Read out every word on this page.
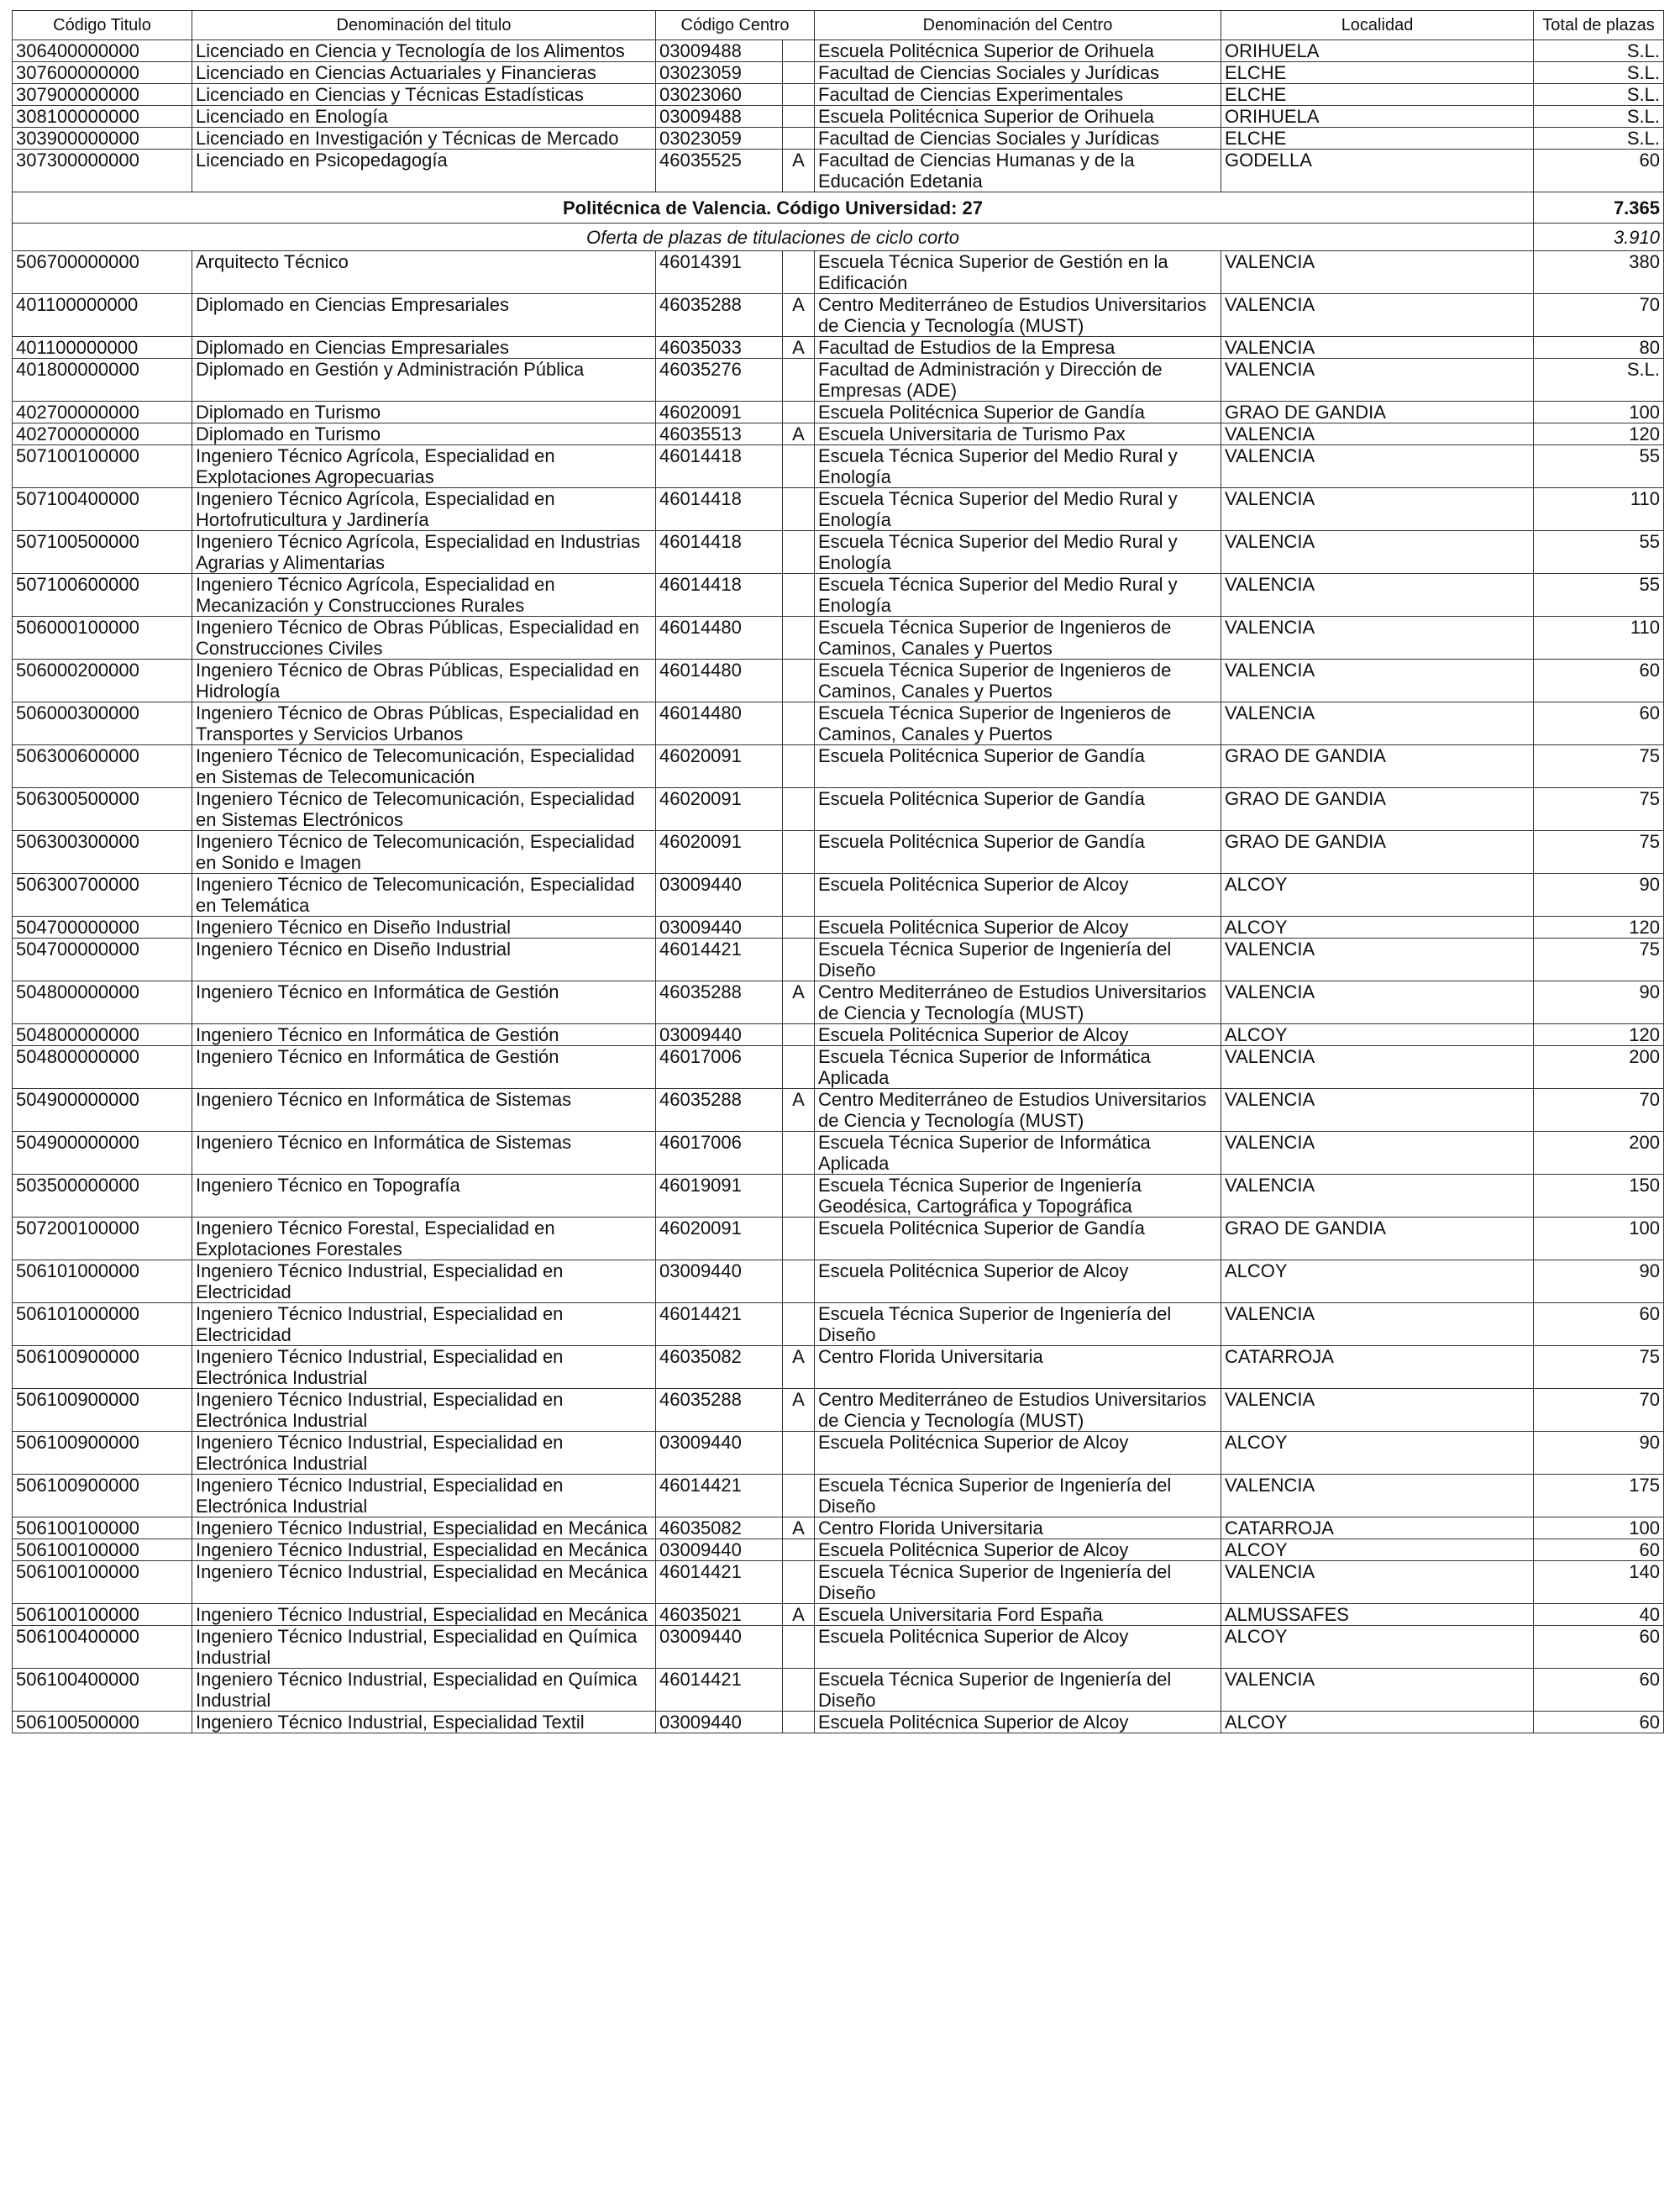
Código Titulo	Denominación del titulo	Código Centro		Denominación del Centro	Localidad	Total de plazas
306400000000	Licenciado en Ciencia y Tecnología de los Alimentos	03009488		Escuela Politécnica Superior de Orihuela	ORIHUELA	S.L.
307600000000	Licenciado en Ciencias Actuariales y Financieras	03023059		Facultad de Ciencias Sociales y Jurídicas	ELCHE	S.L.
307900000000	Licenciado en Ciencias y Técnicas Estadísticas	03023060		Facultad de Ciencias Experimentales	ELCHE	S.L.
308100000000	Licenciado en Enología	03009488		Escuela Politécnica Superior de Orihuela	ORIHUELA	S.L.
303900000000	Licenciado en Investigación y Técnicas de Mercado	03023059		Facultad de Ciencias Sociales y Jurídicas	ELCHE	S.L.
307300000000	Licenciado en Psicopedagogía	46035525	A	Facultad de Ciencias Humanas y de la Educación Edetania	GODELLA	60
Politécnica de Valencia. Código Universidad: 27						7.365
Oferta de plazas de titulaciones de ciclo corto						3.910
506700000000	Arquitecto Técnico	46014391		Escuela Técnica Superior de Gestión en la Edificación	VALENCIA	380
401100000000	Diplomado en Ciencias Empresariales	46035288	A	Centro Mediterráneo de Estudios Universitarios de Ciencia y Tecnología (MUST)	VALENCIA	70
401100000000	Diplomado en Ciencias Empresariales	46035033	A	Facultad de Estudios de la Empresa	VALENCIA	80
401800000000	Diplomado en Gestión y Administración Pública	46035276		Facultad de Administración y Dirección de Empresas (ADE)	VALENCIA	S.L.
402700000000	Diplomado en Turismo	46020091		Escuela Politécnica Superior de Gandía	GRAO DE GANDIA	100
402700000000	Diplomado en Turismo	46035513	A	Escuela Universitaria de Turismo Pax	VALENCIA	120
507100100000	Ingeniero Técnico Agrícola, Especialidad en Explotaciones Agropecuarias	46014418		Escuela Técnica Superior del Medio Rural y Enología	VALENCIA	55
507100400000	Ingeniero Técnico Agrícola, Especialidad en Hortofruticultura y Jardinería	46014418		Escuela Técnica Superior del Medio Rural y Enología	VALENCIA	110
507100500000	Ingeniero Técnico Agrícola, Especialidad en Industrias Agrarias y Alimentarias	46014418		Escuela Técnica Superior del Medio Rural y Enología	VALENCIA	55
507100600000	Ingeniero Técnico Agrícola, Especialidad en Mecanización y Construcciones Rurales	46014418		Escuela Técnica Superior del Medio Rural y Enología	VALENCIA	55
506000100000	Ingeniero Técnico de Obras Públicas, Especialidad en Construcciones Civiles	46014480		Escuela Técnica Superior de Ingenieros de Caminos, Canales y Puertos	VALENCIA	110
506000200000	Ingeniero Técnico de Obras Públicas, Especialidad en Hidrología	46014480		Escuela Técnica Superior de Ingenieros de Caminos, Canales y Puertos	VALENCIA	60
506000300000	Ingeniero Técnico de Obras Públicas, Especialidad en Transportes y Servicios Urbanos	46014480		Escuela Técnica Superior de Ingenieros de Caminos, Canales y Puertos	VALENCIA	60
506300600000	Ingeniero Técnico de Telecomunicación, Especialidad en Sistemas de Telecomunicación	46020091		Escuela Politécnica Superior de Gandía	GRAO DE GANDIA	75
506300500000	Ingeniero Técnico de Telecomunicación, Especialidad en Sistemas Electrónicos	46020091		Escuela Politécnica Superior de Gandía	GRAO DE GANDIA	75
506300300000	Ingeniero Técnico de Telecomunicación, Especialidad en Sonido e Imagen	46020091		Escuela Politécnica Superior de Gandía	GRAO DE GANDIA	75
506300700000	Ingeniero Técnico de Telecomunicación, Especialidad en Telemática	03009440		Escuela Politécnica Superior de Alcoy	ALCOY	90
504700000000	Ingeniero Técnico en Diseño Industrial	03009440		Escuela Politécnica Superior de Alcoy	ALCOY	120
504700000000	Ingeniero Técnico en Diseño Industrial	46014421		Escuela Técnica Superior de Ingeniería del Diseño	VALENCIA	75
504800000000	Ingeniero Técnico en Informática de Gestión	46035288	A	Centro Mediterráneo de Estudios Universitarios de Ciencia y Tecnología (MUST)	VALENCIA	90
504800000000	Ingeniero Técnico en Informática de Gestión	03009440		Escuela Politécnica Superior de Alcoy	ALCOY	120
504800000000	Ingeniero Técnico en Informática de Gestión	46017006		Escuela Técnica Superior de Informática Aplicada	VALENCIA	200
504900000000	Ingeniero Técnico en Informática de Sistemas	46035288	A	Centro Mediterráneo de Estudios Universitarios de Ciencia y Tecnología (MUST)	VALENCIA	70
504900000000	Ingeniero Técnico en Informática de Sistemas	46017006		Escuela Técnica Superior de Informática Aplicada	VALENCIA	200
503500000000	Ingeniero Técnico en Topografía	46019091		Escuela Técnica Superior de Ingeniería Geodésica, Cartográfica y Topográfica	VALENCIA	150
507200100000	Ingeniero Técnico Forestal, Especialidad en Explotaciones Forestales	46020091		Escuela Politécnica Superior de Gandía	GRAO DE GANDIA	100
506101000000	Ingeniero Técnico Industrial, Especialidad en Electricidad	03009440		Escuela Politécnica Superior de Alcoy	ALCOY	90
506101000000	Ingeniero Técnico Industrial, Especialidad en Electricidad	46014421		Escuela Técnica Superior de Ingeniería del Diseño	VALENCIA	60
506100900000	Ingeniero Técnico Industrial, Especialidad en Electrónica Industrial	46035082	A	Centro Florida Universitaria	CATARROJA	75
506100900000	Ingeniero Técnico Industrial, Especialidad en Electrónica Industrial	46035288	A	Centro Mediterráneo de Estudios Universitarios de Ciencia y Tecnología (MUST)	VALENCIA	70
506100900000	Ingeniero Técnico Industrial, Especialidad en Electrónica Industrial	03009440		Escuela Politécnica Superior de Alcoy	ALCOY	90
506100900000	Ingeniero Técnico Industrial, Especialidad en Electrónica Industrial	46014421		Escuela Técnica Superior de Ingeniería del Diseño	VALENCIA	175
506100100000	Ingeniero Técnico Industrial, Especialidad en Mecánica	46035082	A	Centro Florida Universitaria	CATARROJA	100
506100100000	Ingeniero Técnico Industrial, Especialidad en Mecánica	03009440		Escuela Politécnica Superior de Alcoy	ALCOY	60
506100100000	Ingeniero Técnico Industrial, Especialidad en Mecánica	46014421		Escuela Técnica Superior de Ingeniería del Diseño	VALENCIA	140
506100100000	Ingeniero Técnico Industrial, Especialidad en Mecánica	46035021	A	Escuela Universitaria Ford España	ALMUSSAFES	40
506100400000	Ingeniero Técnico Industrial, Especialidad en Química Industrial	03009440		Escuela Politécnica Superior de Alcoy	ALCOY	60
506100400000	Ingeniero Técnico Industrial, Especialidad en Química Industrial	46014421		Escuela Técnica Superior de Ingeniería del Diseño	VALENCIA	60
506100500000	Ingeniero Técnico Industrial, Especialidad Textil	03009440		Escuela Politécnica Superior de Alcoy	ALCOY	60
